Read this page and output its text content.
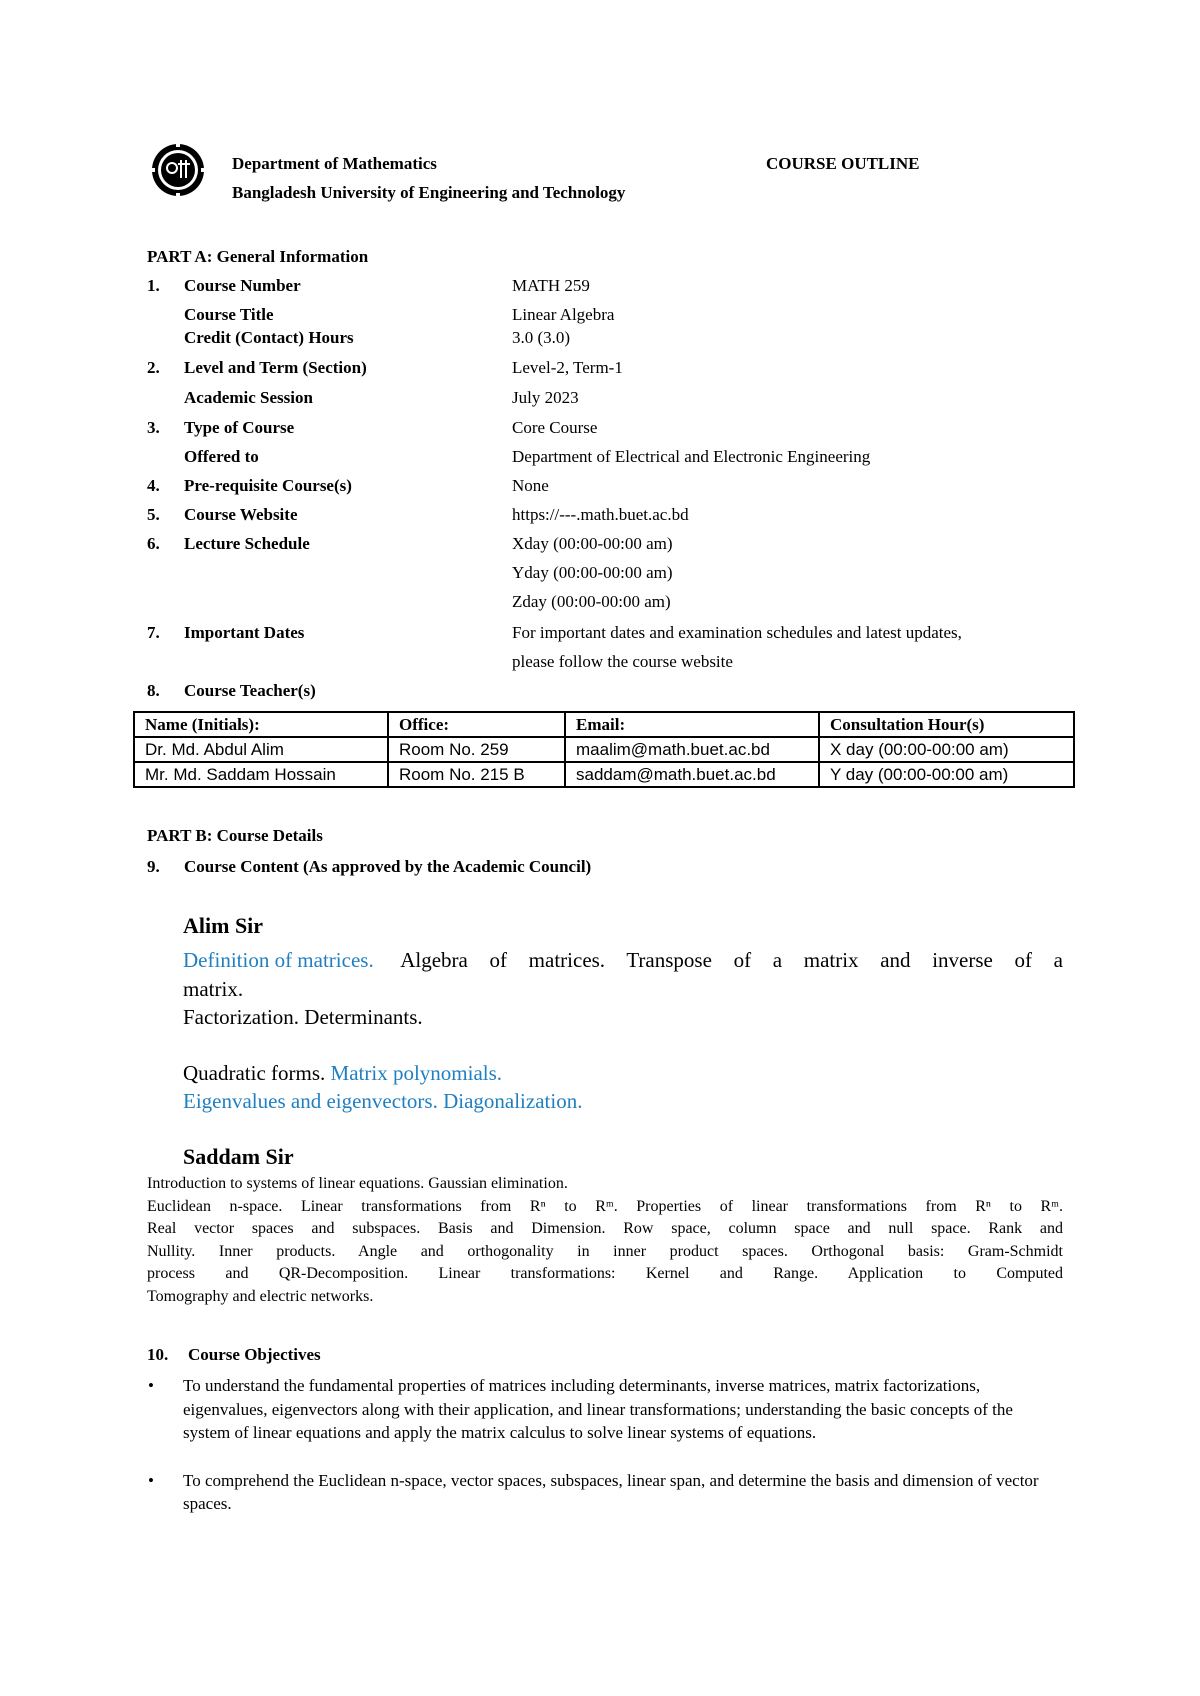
Department of Mathematics
Bangladesh University of Engineering and Technology
COURSE OUTLINE
PART A: General Information
1. Course Number	MATH 259
Course Title	Linear Algebra
Credit (Contact) Hours	3.0 (3.0)
2. Level and Term (Section)	Level-2, Term-1
Academic Session	July 2023
3. Type of Course	Core Course
Offered to	Department of Electrical and Electronic Engineering
4. Pre-requisite Course(s)	None
5. Course Website	https://---.math.buet.ac.bd
6. Lecture Schedule	Xday (00:00-00:00 am)
Yday (00:00-00:00 am)
Zday (00:00-00:00 am)
7. Important Dates	For important dates and examination schedules and latest updates,
please follow the course website
8. Course Teacher(s)
Name (Initials):	Office:	Email:	Consultation Hour(s)
Dr. Md. Abdul Alim	Room No. 259	maalim@math.buet.ac.bd	X day (00:00-00:00 am)
Mr. Md. Saddam Hossain	Room No. 215 B	saddam@math.buet.ac.bd	Y day (00:00-00:00 am)
PART B: Course Details
9. Course Content (As approved by the Academic Council)
Alim Sir
Definition of matrices. Algebra of matrices. Transpose of a matrix and inverse of a
matrix.
Factorization. Determinants.
Quadratic forms. Matrix polynomials.
Eigenvalues and eigenvectors. Diagonalization.
Saddam Sir
Introduction to systems of linear equations. Gaussian elimination.
Euclidean n-space. Linear transformations from Rⁿ to Rᵐ. Properties of linear transformations from Rⁿ to Rᵐ.
Real vector spaces and subspaces. Basis and Dimension. Row space, column space and null space. Rank and
Nullity. Inner products. Angle and orthogonality in inner product spaces. Orthogonal basis: Gram-Schmidt
process and QR-Decomposition. Linear transformations: Kernel and Range. Application to Computed
Tomography and electric networks.
10. Course Objectives
• To understand the fundamental properties of matrices including determinants, inverse matrices, matrix factorizations, eigenvalues, eigenvectors along with their application, and linear transformations; understanding the basic concepts of the system of linear equations and apply the matrix calculus to solve linear systems of equations.
• To comprehend the Euclidean n-space, vector spaces, subspaces, linear span, and determine the basis and dimension of vector spaces.
